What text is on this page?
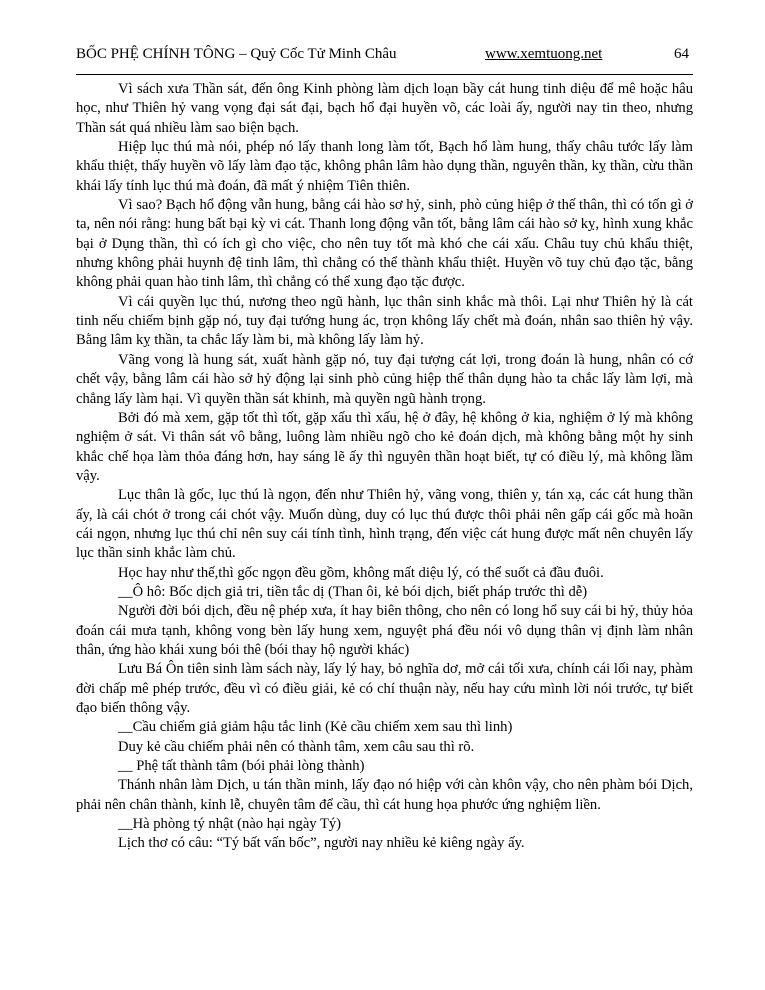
BỐC PHỆ CHÍNH TÔNG – Quỷ Cốc Tử Minh Châu	www.xemtuong.net	64

Vì sách xưa Thần sát, đến ông Kinh phòng làm dịch loạn bầy cát hung tinh diệu để mê hoặc hâu học, như Thiên hỷ vang vọng đại sát đại, bạch hổ đại huyền võ, các loài ấy, người nay tin theo, nhưng Thần sát quá nhiều làm sao biện bạch.

Hiệp lục thú mà nói, phép nó lấy thanh long làm tốt, Bạch hổ làm hung, thấy châu tước lấy làm khẩu thiệt, thấy huyền võ lấy làm đạo tặc, không phân lâm hào dụng thần, nguyên thần, kỵ thần, cừu thần khái lấy tính lục thú mà đoán, đã mất ý nhiệm Tiên thiên.

Vì sao? Bạch hổ động vẫn hung, bằng cái hào sơ hỷ, sinh, phò củng hiệp ở thế thân, thì có tốn gì ở ta, nên nói rằng: hung bất bại kỳ vi cát. Thanh long động vẫn tốt, bằng lâm cái hào sở kỵ, hình xung khắc bại ở Dụng thần, thì có ích gì cho việc, cho nên tuy tốt mà khó che cái xấu. Châu tuy chủ khẩu thiệt, nhưng không phải huynh đệ tinh lâm, thì chẳng có thể thành khẩu thiệt. Huyền võ tuy chủ đạo tặc, bằng không phải quan hào tinh lâm, thì chẳng có thể xung đạo tặc được.

Vì cái quyền lục thú, nương theo ngũ hành, lục thân sinh khắc mà thôi. Lại như Thiên hỷ là cát tinh nếu chiếm bịnh gặp nó, tuy đại tướng hung ác, trọn không lấy chết mà đoán, nhân sao thiên hỷ vậy. Bằng lâm kỵ thần, ta chắc lấy làm bi, mà không lấy làm hỷ.

Vãng vong là hung sát, xuất hành gặp nó, tuy đại tượng cát lợi, trong đoán là hung, nhân có cớ chết vậy, bằng lâm cái hào sở hỷ động lại sinh phò củng hiệp thế thân dụng hào ta chắc lấy làm lợi, mà chẳng lấy làm hại. Vì quyền thần sát khinh, mà quyền ngũ hành trọng.

Bởi đó mà xem, gặp tốt thì tốt, gặp xấu thì xấu, hệ ở đây, hệ không ở kia, nghiệm ở lý mà không nghiệm ở sát. Vi thân sát vô bằng, luông làm nhiều ngõ cho kẻ đoán dịch, mà không bằng một hy sinh khắc chế họa làm thỏa đáng hơn, hay sáng lẽ ấy thì nguyên thần hoạt biết, tự có điều lý, mà không lầm vậy.

Lục thân là gốc, lục thú là ngọn, đến như Thiên hỷ, vãng vong, thiên y, tán xạ, các cát hung thần ấy, là cái chót ở trong cái chót vậy. Muốn dùng, duy có lục thú được thôi phải nên gấp cái gốc mà hoãn cái ngọn, nhưng lục thú chỉ nên suy cái tính tình, hình trạng, đến việc cát hung được mất nên chuyên lấy lục thần sinh khắc làm chủ.

Học hay như thế,thì gốc ngọn đều gồm, không mất diệu lý, có thể suốt cả đầu đuôi.

__Ô hô: Bốc dịch giả tri, tiền tắc dị (Than ôi, kẻ bói dịch, biết pháp trước thì dễ)

Người đời bói dịch, đều nệ phép xưa, ít hay biên thông, cho nên có long hổ suy cái bi hỷ, thủy hỏa đoán cái mưa tạnh, không vong bèn lấy hung xem, nguyệt phá đều nói vô dụng thân vị định làm nhân thân, ứng hào khái xung bói thê (bói thay hộ người khác)

Lưu Bá Ôn tiên sinh làm sách này, lấy lý hay, bỏ nghĩa dơ, mở cái tối xưa, chính cái lối nay, phàm đời chấp mê phép trước, đều vì có điều giải, kẻ có chí thuận này, nếu hay cứu mình lời nói trước, tự biết đạo biến thông vậy.

__Cầu chiếm giả giảm hậu tắc linh (Kẻ cầu chiếm xem sau thì linh)

Duy kẻ cầu chiếm phải nên có thành tâm, xem câu sau thì rõ.

__ Phệ tất thành tâm (bói phải lòng thành)

Thánh nhân làm Dịch, u tán thần minh, lấy đạo nó hiệp với càn khôn vậy, cho nên phàm bói Dịch, phải nên chân thành, kỉnh lễ, chuyên tâm để cầu, thì cát hung họa phước ứng nghiệm liền.

__Hà phòng tý nhật (nào hại ngày Tý)

Lịch thơ có câu: “Tý bất vấn bốc”, người nay nhiều kẻ kiêng ngày ấy.
